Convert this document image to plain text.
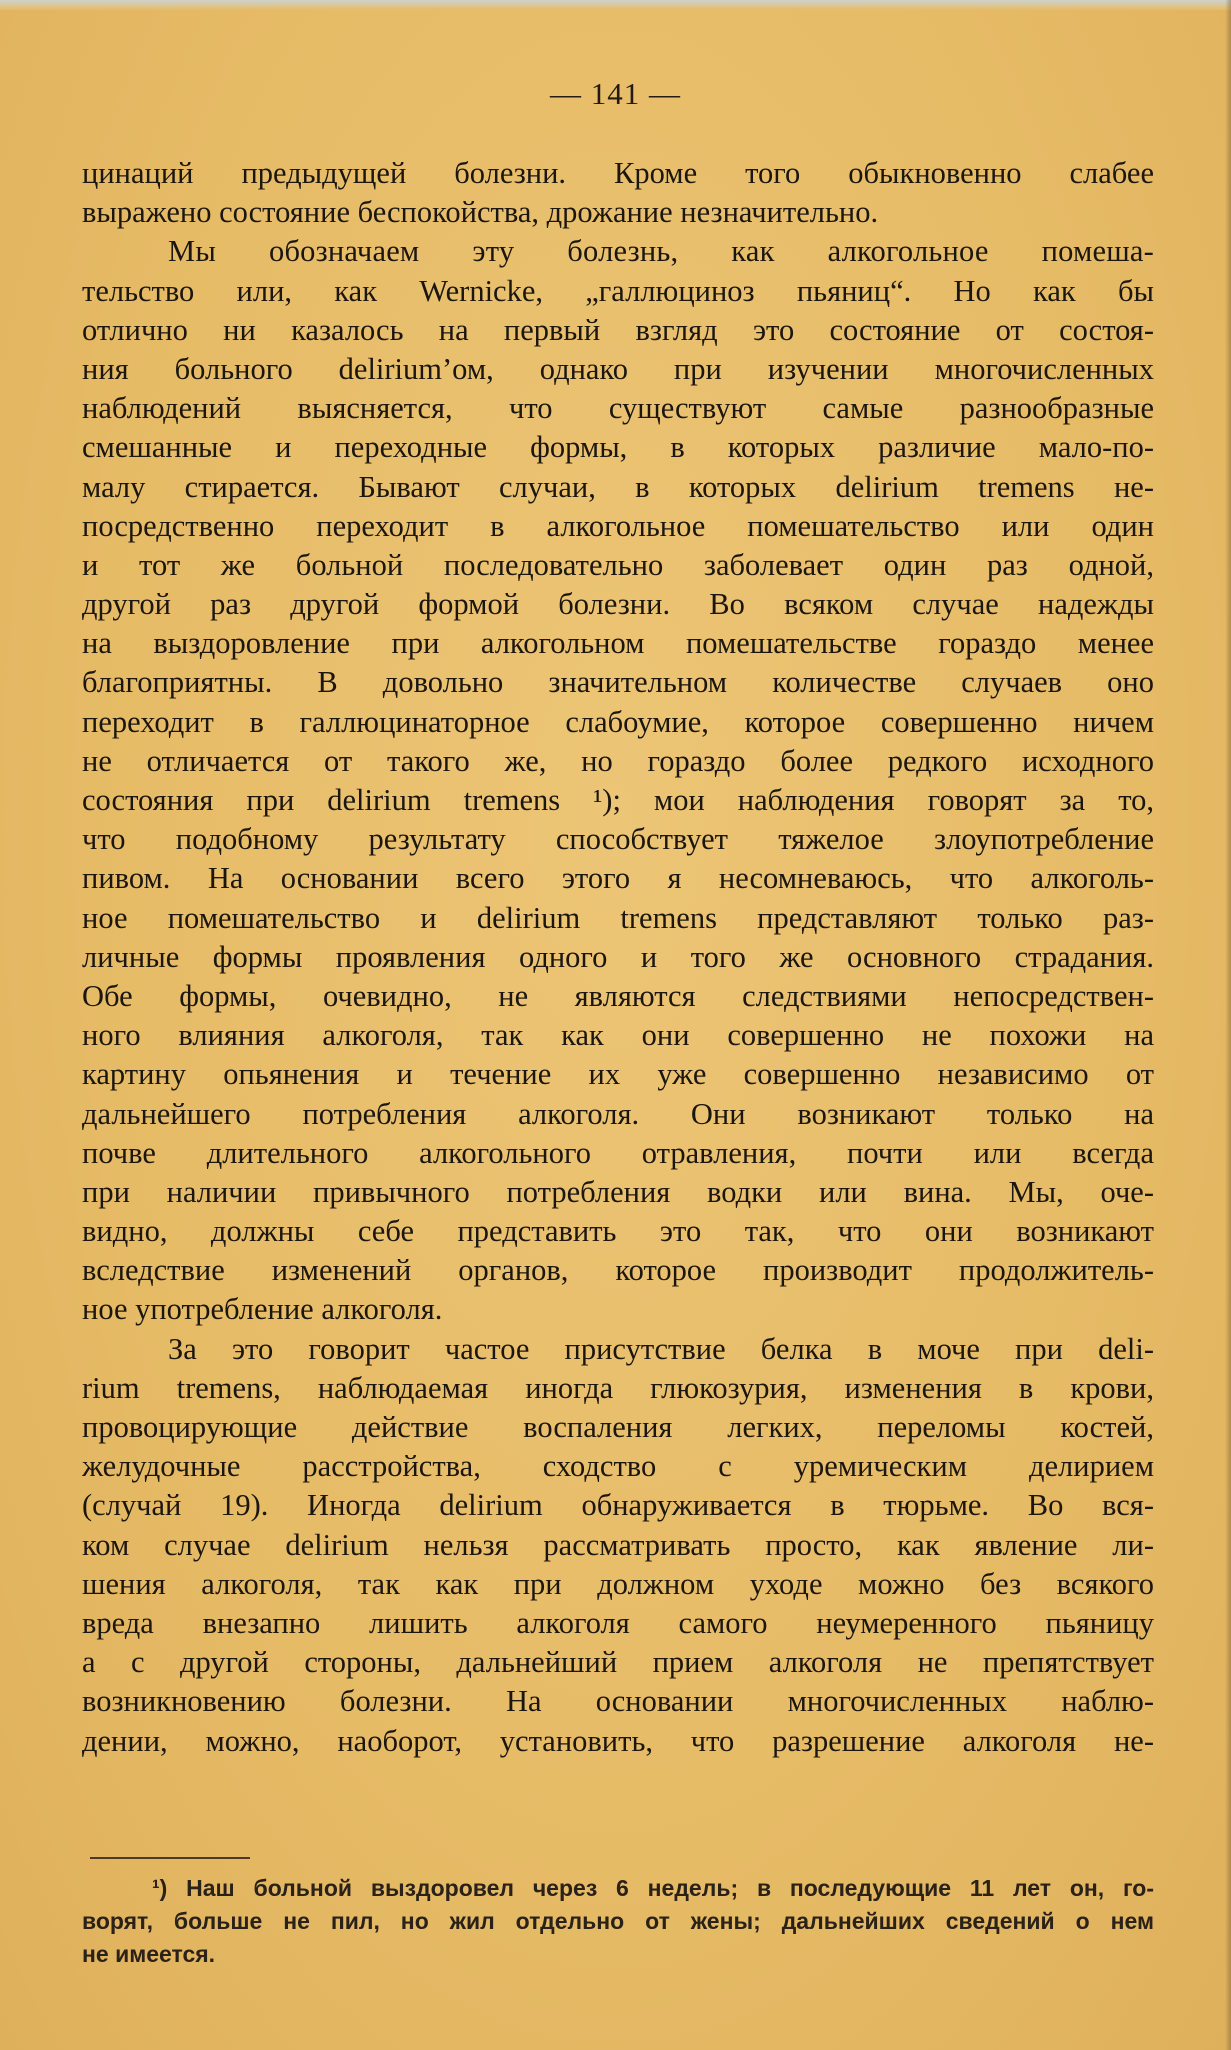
— 141 —
цинаций предыдущей болезни. Кроме того обыкновенно слабее
выражено состояние беспокойства, дрожание незначительно.
Мы обозначаем эту болезнь, как алкогольное помеша-
тельство или, как Wernicke, „галлюциноз пьяниц“. Но как бы
отлично ни казалось на первый взгляд это состояние от состоя-
ния больного delirium’ом, однако при изучении многочисленных
наблюдений выясняется, что существуют самые разнообразные
смешанные и переходные формы, в которых различие мало-по-
малу стирается. Бывают случаи, в которых delirium tremens не-
посредственно переходит в алкогольное помешательство или один
и тот же больной последовательно заболевает один раз одной,
другой раз другой формой болезни. Во всяком случае надежды
на выздоровление при алкогольном помешательстве гораздо менее
благоприятны. В довольно значительном количестве случаев оно
переходит в галлюцинаторное слабоумие, которое совершенно ничем
не отличается от такого же, но гораздо более редкого исходного
состояния при delirium tremens ¹); мои наблюдения говорят за то,
что подобному результату способствует тяжелое злоупотребление
пивом. На основании всего этого я несомневаюсь, что алкоголь-
ное помешательство и delirium tremens представляют только раз-
личные формы проявления одного и того же основного страдания.
Обе формы, очевидно, не являются следствиями непосредствен-
ного влияния алкоголя, так как они совершенно не похожи на
картину опьянения и течение их уже совершенно независимо от
дальнейшего потребления алкоголя. Они возникают только на
почве длительного алкогольного отравления, почти или всегда
при наличии привычного потребления водки или вина. Мы, оче-
видно, должны себе представить это так, что они возникают
вследствие изменений органов, которое производит продолжитель-
ное употребление алкоголя.
За это говорит частое присутствие белка в моче при deli-
rium tremens, наблюдаемая иногда глюкозурия, изменения в крови,
провоцирующие действие воспаления легких, переломы костей,
желудочные расстройства, сходство с уремическим делирием
(случай 19). Иногда delirium обнаруживается в тюрьме. Во вся-
ком случае delirium нельзя рассматривать просто, как явление ли-
шения алкоголя, так как при должном уходе можно без всякого
вреда внезапно лишить алкоголя самого неумеренного пьяницу
а с другой стороны, дальнейший прием алкоголя не препятствует
возникновению болезни. На основании многочисленных наблю-
дении, можно, наоборот, установить, что разрешение алкоголя не-
¹) Наш больной выздоровел через 6 недель; в последующие 11 лет он, го-
ворят, больше не пил, но жил отдельно от жены; дальнейших сведений о нем
не имеется.
